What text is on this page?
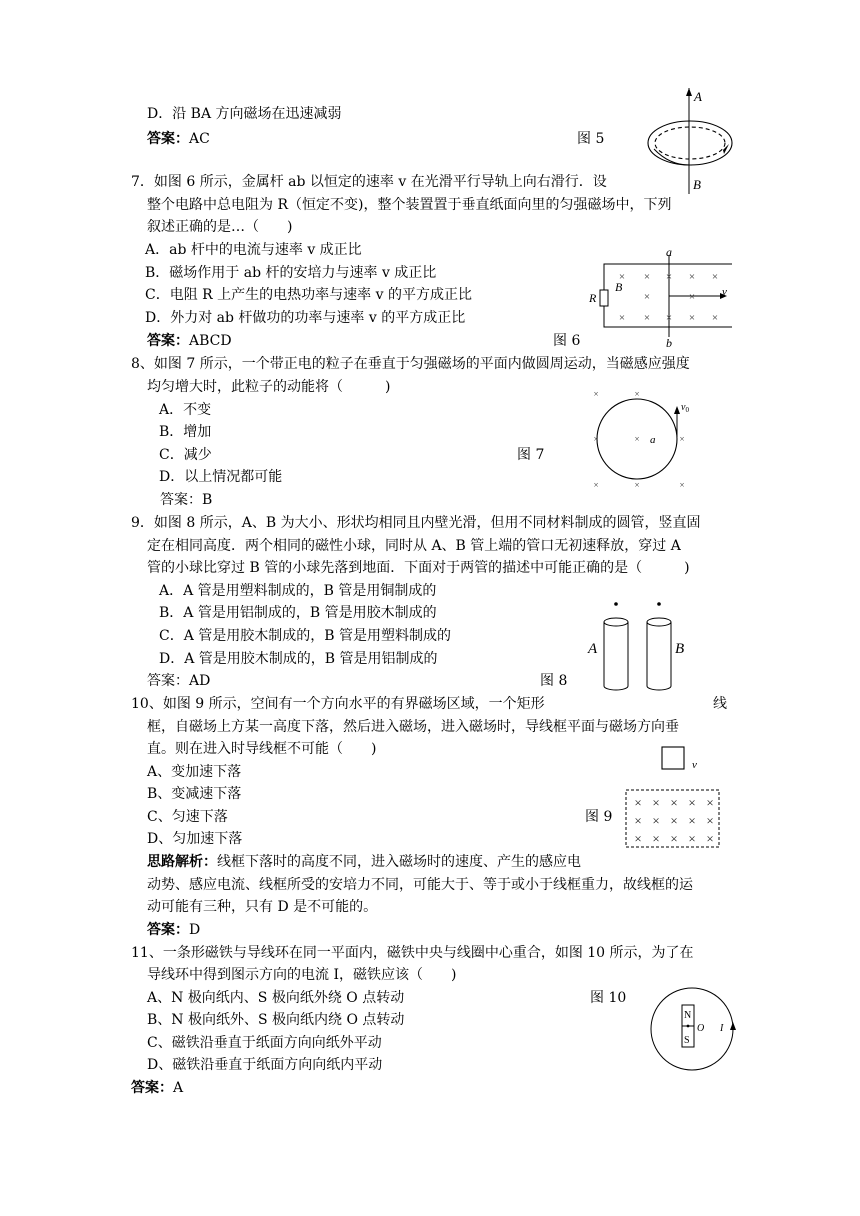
D．沿 BA 方向磁场在迅速减弱
答案：AC	图 5
A
B
7．如图 6 所示，金属杆 ab 以恒定的速率 v 在光滑平行导轨上向右滑行．设
整个电路中总电阻为 R（恒定不变)，整个装置置于垂直纸面向里的匀强磁场中，下列
叙述正确的是…（　　)
A．ab 杆中的电流与速率 v 成正比
B．磁场作用于 ab 杆的安培力与速率 v 成正比
C．电阻 R 上产生的电热功率与速率 v 的平方成正比
D．外力对 ab 杆做功的功率与速率 v 的平方成正比
答案：ABCD	图 6
× × × × ×
×	×
× × × × ×
a
b
B
R	v
8、如图 7 所示，一个带正电的粒子在垂直于匀强磁场的平面内做圆周运动，当磁感应强度
均匀增大时，此粒子的动能将（　　　)
A．不变
B．增加
C．减少	图 7
D．以上情况都可能
答案：B
×	×
×	×	×
×	×	×
$v_0$
a
9．如图 8 所示，A、B 为大小、形状均相同且内壁光滑，但用不同材料制成的圆管，竖直固
定在相同高度．两个相同的磁性小球，同时从 A、B 管上端的管口无初速释放，穿过 A
管的小球比穿过 B 管的小球先落到地面．下面对于两管的描述中可能正确的是（　　　)
A．A 管是用塑料制成的，B 管是用铜制成的
B．A 管是用铝制成的，B 管是用胶木制成的
C．A 管是用胶木制成的，B 管是用塑料制成的
D．A 管是用胶木制成的，B 管是用铝制成的
答案：AD	图 8
A	B
10、如图 9 所示，空间有一个方向水平的有界磁场区域，一个矩形	线
框，自磁场上方某一高度下落，然后进入磁场，进入磁场时，导线框平面与磁场方向垂
直。则在进入时导线框不可能（　　)
A、变加速下落
B、变减速下落
C、匀速下落	图 9
D、匀加速下落
思路解析：线框下落时的高度不同，进入磁场时的速度、产生的感应电
动势、感应电流、线框所受的安培力不同，可能大于、等于或小于线框重力，故线框的运
动可能有三种，只有 D 是不可能的。
答案：D
v
× × × × ×
× × × × ×
× × × × ×
11、一条形磁铁与导线环在同一平面内，磁铁中央与线圈中心重合，如图 10 所示，为了在
导线环中得到图示方向的电流 I，磁铁应该（　　)
A、N 极向纸内、S 极向纸外绕 O 点转动	图 10
B、N 极向纸外、S 极向纸内绕 O 点转动
C、磁铁沿垂直于纸面方向向纸外平动
D、磁铁沿垂直于纸面方向向纸内平动
答案：A
N
S
O I
